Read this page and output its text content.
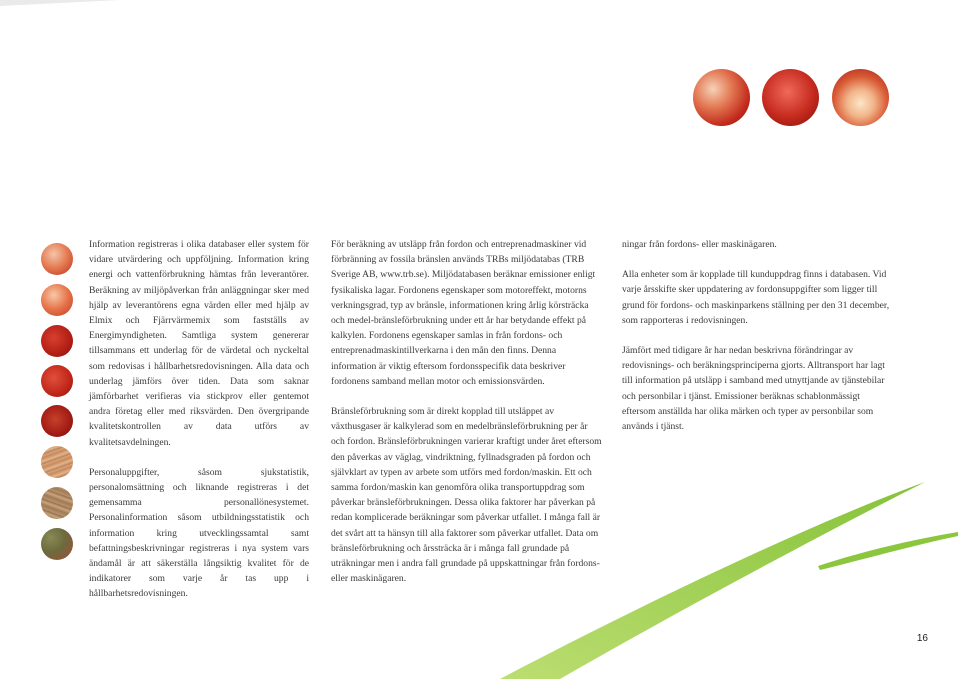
Information registreras i olika databaser eller system för vidare utvärdering och uppföljning. Information kring energi och vattenförbrukning hämtas från leverantörer. Beräkning av miljöpåverkan från anläggningar sker med hjälp av leverantörens egna värden eller med hjälp av Elmix och Fjärrvärmemix som fastställs av Energimyndigheten. Samtliga system genererar tillsammans ett underlag för de värdetal och nyckeltal som redovisas i hållbarhetsredovisningen. Alla data och underlag jämförs över tiden. Data som saknar jämförbarhet verifieras via stickprov eller gentemot andra företag eller med riksvärden. Den övergripande kvalitetskontrollen av data utförs av kvalitetsavdelningen.

Personaluppgifter, såsom sjukstatistik, personalomsättning och liknande registreras i det gemensamma personallönesystemet. Personalinformation såsom utbildningsstatistik och information kring utvecklingssamtal samt befattningsbeskrivningar registreras i nya system vars ändamål är att säkerställa långsiktig kvalitet för de indikatorer som varje år tas upp i hållbarhetsredovisningen.

För beräkning av utsläpp från fordon och entreprenadmaskiner vid förbränning av fossila bränslen används TRBs miljödatabas (TRB Sverige AB, www.trb.se). Miljödatabasen beräknar emissioner enligt fysikaliska lagar. Fordonens egenskaper som motoreffekt, motorns verkningsgrad, typ av bränsle, informationen kring årlig körsträcka och medel-bränsleförbrukning under ett år har betydande effekt på kalkylen. Fordonens egenskaper samlas in från fordons- och entreprenadmaskintillverkarna i den mån den finns. Denna information är viktig eftersom fordonsspecifik data beskriver fordonens samband mellan motor och emissionsvärden.

Bränsleförbrukning som är direkt kopplad till utsläppet av växthusgaser är kalkylerad som en medelbränsleförbrukning per år och fordon. Bränsleförbrukningen varierar kraftigt under året eftersom den påverkas av väglag, vindriktning, fyllnadsgraden på fordon och självklart av typen av arbete som utförs med fordon/maskin. Ett och samma fordon/maskin kan genomföra olika transportuppdrag som påverkar bränsleförbrukningen. Dessa olika faktorer har påverkan på redan komplicerade beräkningar som påverkar utfallet. I många fall är det svårt att ta hänsyn till alla faktorer som påverkar utfallet. Data om bränsleförbrukning och årssträcka är i många fall grundade på uträkningar men i andra fall grundade på uppskattningar från fordons- eller maskinägaren.

ningar från fordons- eller maskinägaren.

Alla enheter som är kopplade till kunduppdrag finns i databasen. Vid varje årsskifte sker uppdatering av fordonsuppgifter som ligger till grund för fordons- och maskinparkens ställning per den 31 december, som rapporteras i redovisningen.

Jämfört med tidigare år har nedan beskrivna förändringar av redovisnings- och beräkningsprinciperna gjorts. Alltransport har lagt till information på utsläpp i samband med utnyttjande av tjänstebilar och personbilar i tjänst. Emissioner beräknas schablonmässigt eftersom anställda har olika märken och typer av personbilar som används i tjänst.

16
